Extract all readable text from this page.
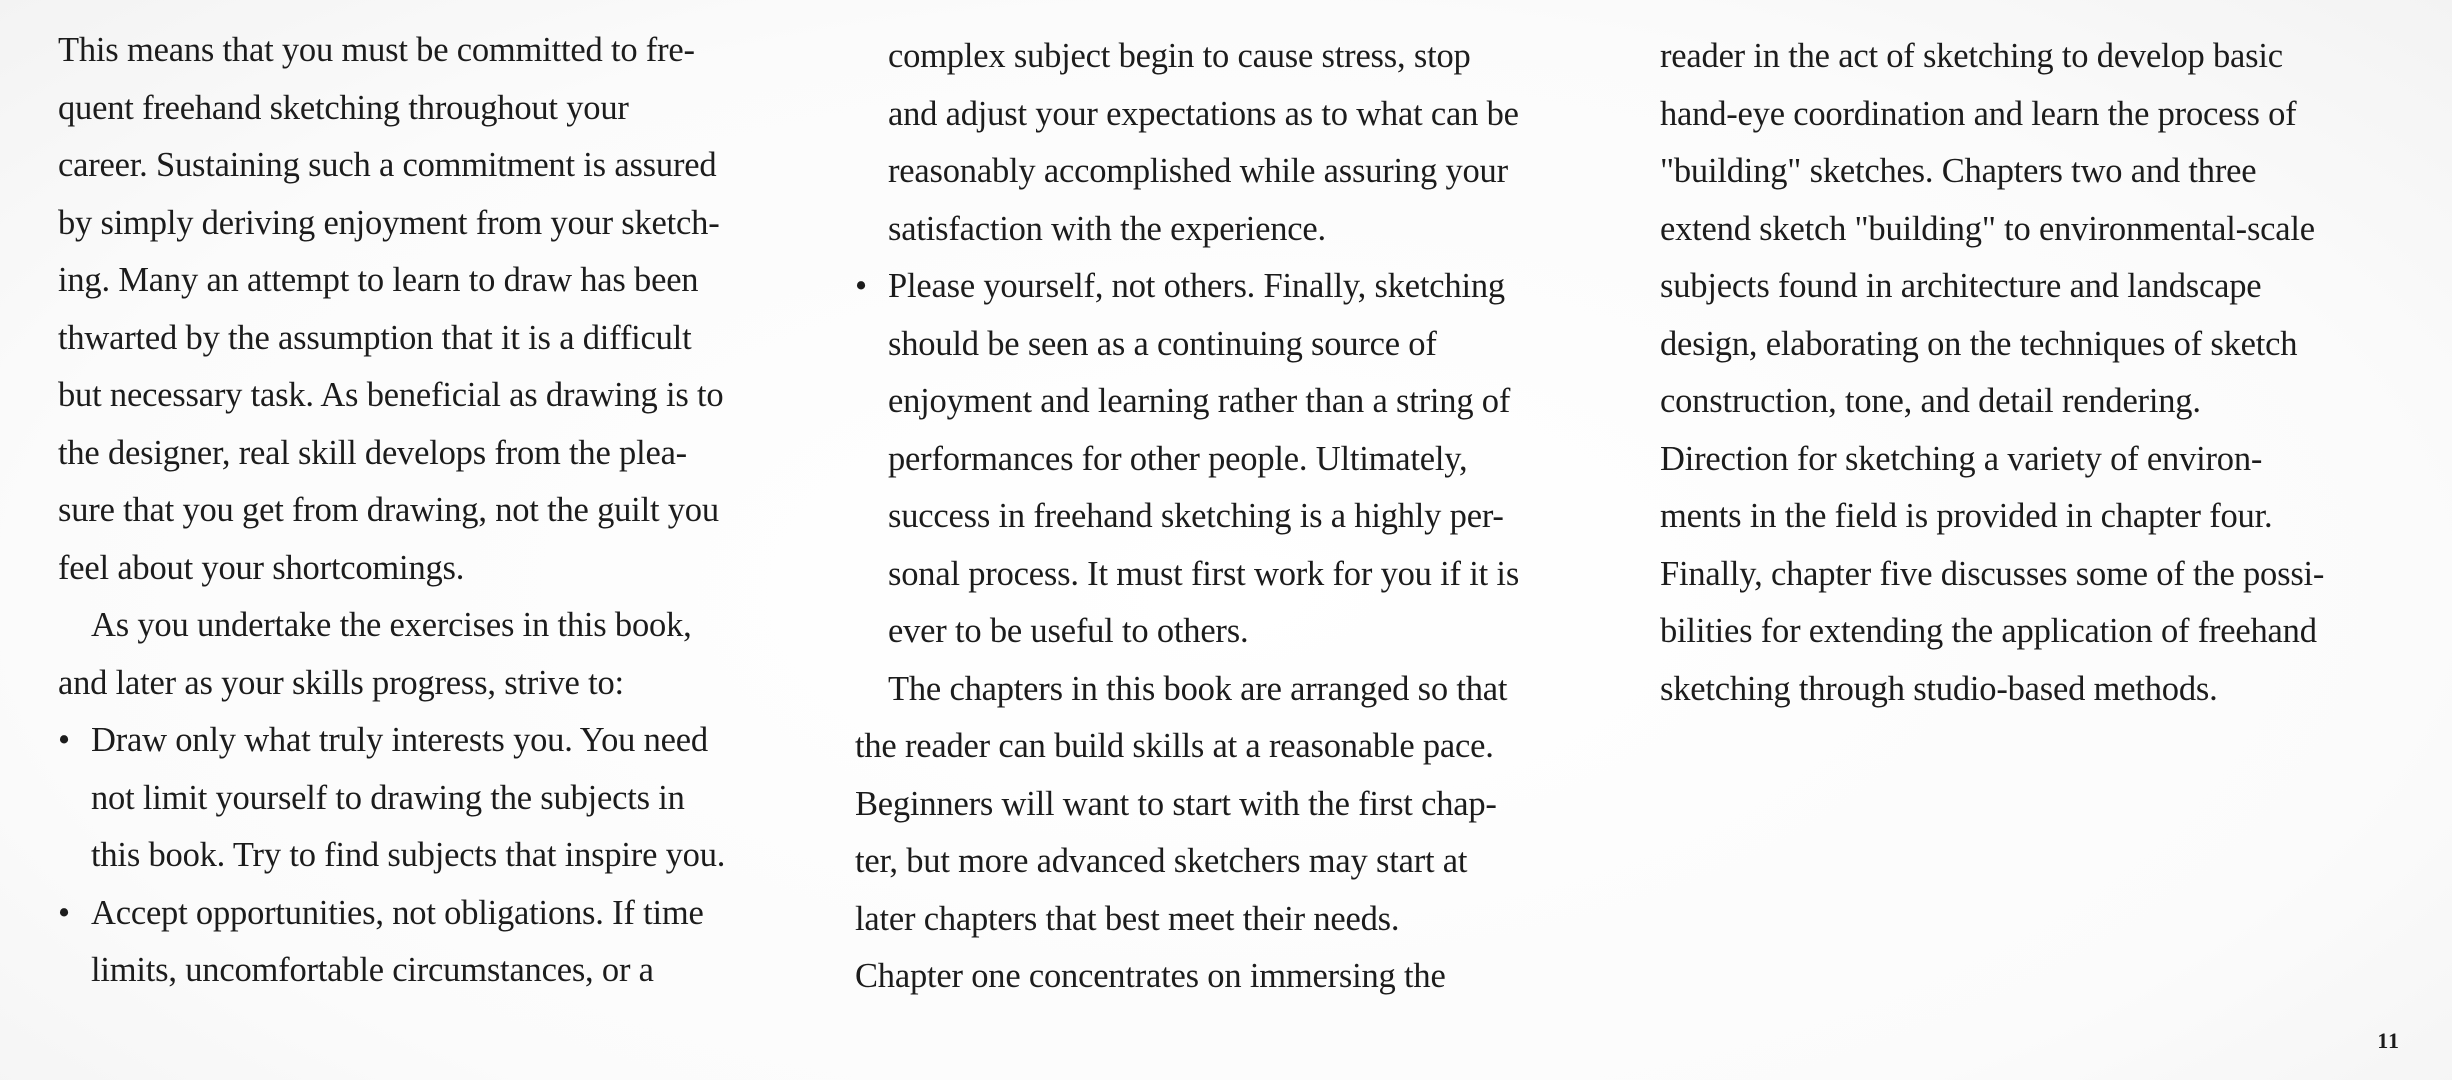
This means that you must be committed to fre-
quent freehand sketching throughout your
career. Sustaining such a commitment is assured
by simply deriving enjoyment from your sketch-
ing. Many an attempt to learn to draw has been
thwarted by the assumption that it is a difficult
but necessary task. As beneficial as drawing is to
the designer, real skill develops from the plea-
sure that you get from drawing, not the guilt you
feel about your shortcomings.
As you undertake the exercises in this book,
and later as your skills progress, strive to:
• Draw only what truly interests you. You need
not limit yourself to drawing the subjects in
this book. Try to find subjects that inspire you.
• Accept opportunities, not obligations. If time
limits, uncomfortable circumstances, or a
complex subject begin to cause stress, stop
and adjust your expectations as to what can be
reasonably accomplished while assuring your
satisfaction with the experience.
• Please yourself, not others. Finally, sketching
should be seen as a continuing source of
enjoyment and learning rather than a string of
performances for other people. Ultimately,
success in freehand sketching is a highly per-
sonal process. It must first work for you if it is
ever to be useful to others.
The chapters in this book are arranged so that
the reader can build skills at a reasonable pace.
Beginners will want to start with the first chap-
ter, but more advanced sketchers may start at
later chapters that best meet their needs.
Chapter one concentrates on immersing the
reader in the act of sketching to develop basic
hand-eye coordination and learn the process of
"building" sketches. Chapters two and three
extend sketch "building" to environmental-scale
subjects found in architecture and landscape
design, elaborating on the techniques of sketch
construction, tone, and detail rendering.
Direction for sketching a variety of environ-
ments in the field is provided in chapter four.
Finally, chapter five discusses some of the possi-
bilities for extending the application of freehand
sketching through studio-based methods.
11
